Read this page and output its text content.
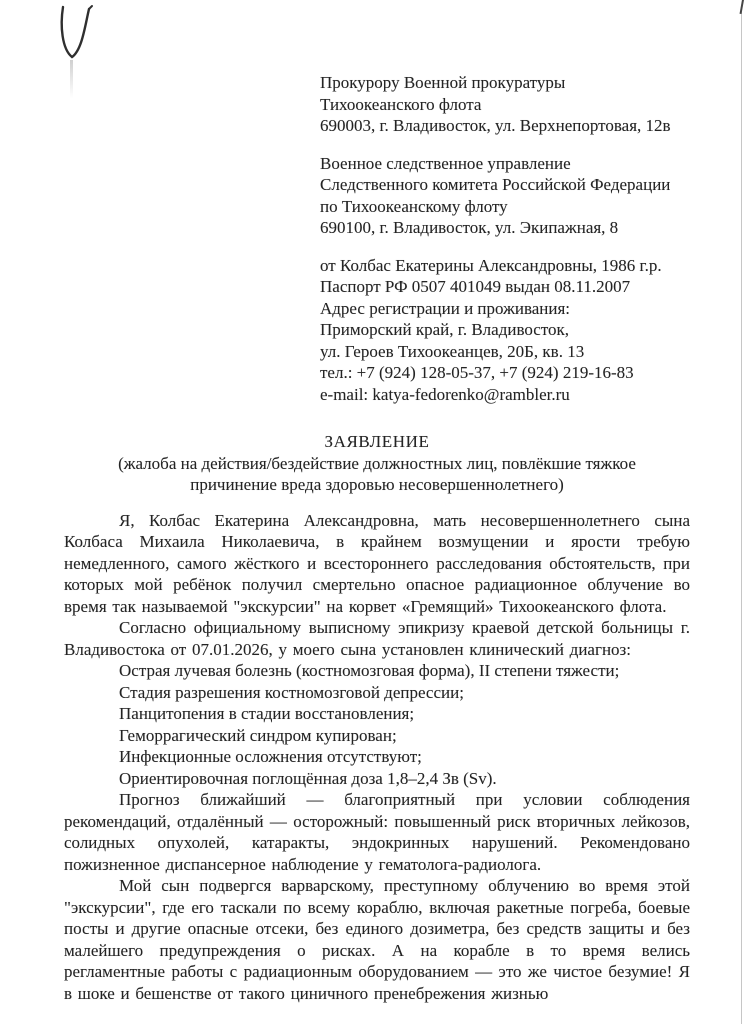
Прокурору Военной прокуратуры
Тихоокеанского флота
690003, г. Владивосток, ул. Верхнепортовая, 12в
Военное следственное управление
Следственного комитета Российской Федерации
по Тихоокеанскому флоту
690100, г. Владивосток, ул. Экипажная, 8
от Колбас Екатерины Александровны, 1986 г.р.
Паспорт РФ 0507 401049 выдан 08.11.2007
Адрес регистрации и проживания:
Приморский край, г. Владивосток,
ул. Героев Тихоокеанцев, 20Б, кв. 13
тел.: +7 (924) 128-05-37, +7 (924) 219-16-83
e-mail: katya-fedorenko@rambler.ru
ЗАЯВЛЕНИЕ
(жалоба на действия/бездействие должностных лиц, повлёкшие тяжкое причинение вреда здоровью несовершеннолетнего)
Я, Колбас Екатерина Александровна, мать несовершеннолетнего сына Колбаса Михаила Николаевича, в крайнем возмущении и ярости требую немедленного, самого жёсткого и всестороннего расследования обстоятельств, при которых мой ребёнок получил смертельно опасное радиационное облучение во время так называемой "экскурсии" на корвет «Гремящий» Тихоокеанского флота.
Согласно официальному выписному эпикризу краевой детской больницы г. Владивостока от 07.01.2026, у моего сына установлен клинический диагноз:
Острая лучевая болезнь (костномозговая форма), II степени тяжести;
Стадия разрешения костномозговой депрессии;
Панцитопения в стадии восстановления;
Геморрагический синдром купирован;
Инфекционные осложнения отсутствуют;
Ориентировочная поглощённая доза 1,8–2,4 Зв (Sv).
Прогноз ближайший — благоприятный при условии соблюдения рекомендаций, отдалённый — осторожный: повышенный риск вторичных лейкозов, солидных опухолей, катаракты, эндокринных нарушений. Рекомендовано пожизненное диспансерное наблюдение у гематолога-радиолога.
Мой сын подвергся варварскому, преступному облучению во время этой "экскурсии", где его таскали по всему кораблю, включая ракетные погреба, боевые посты и другие опасные отсеки, без единого дозиметра, без средств защиты и без малейшего предупреждения о рисках. А на корабле в то время велись регламентные работы с радиационным оборудованием — это же чистое безумие! Я в шоке и бешенстве от такого циничного пренебрежения жизнью
